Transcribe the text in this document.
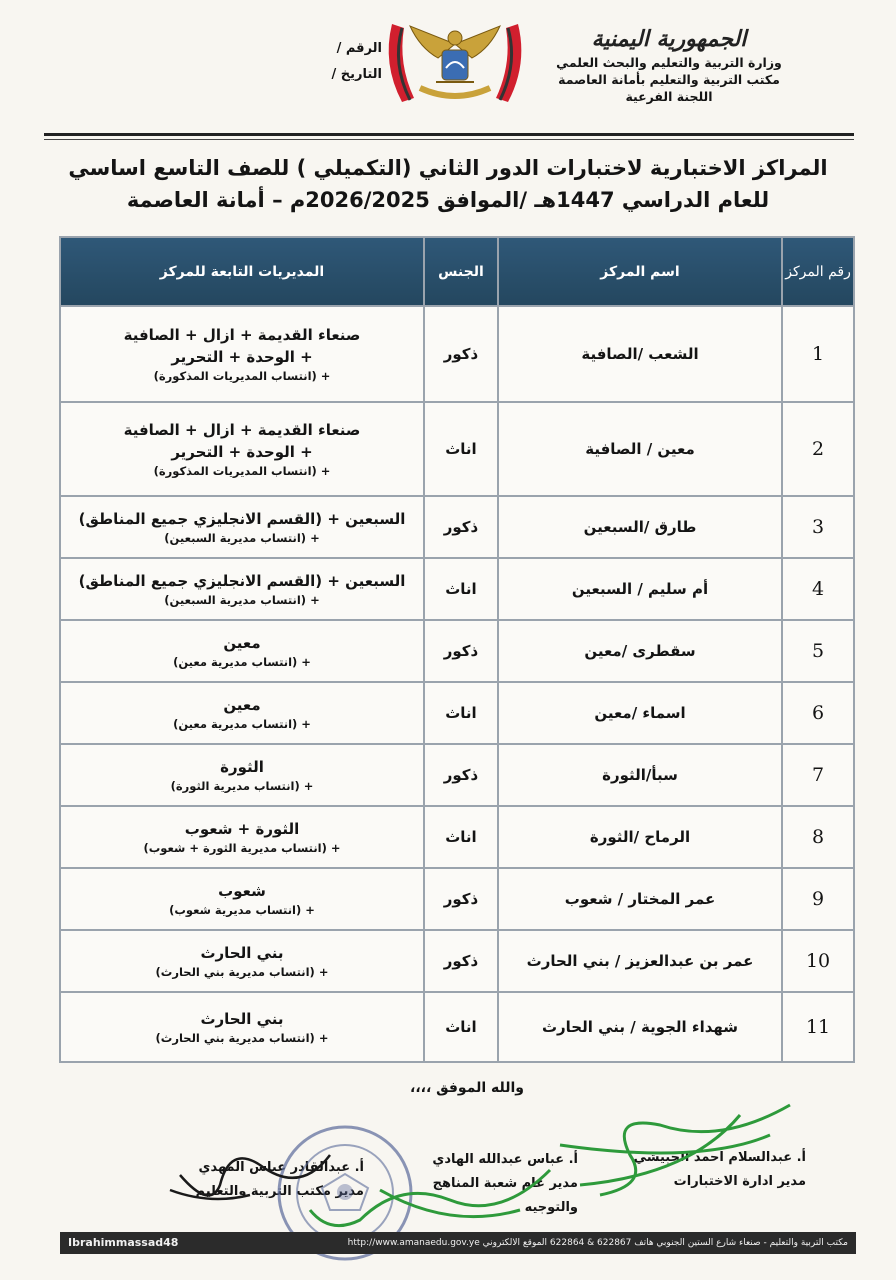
الجمهورية اليمنية
وزارة التربية والتعليم والبحث العلمي
مكتب التربية والتعليم بأمانة العاصمة
اللجنة الفرعية
الرقم /
التاريخ /
المراكز الاختبارية لاختبارات الدور الثاني (التكميلي ) للصف التاسع اساسي
للعام الدراسي 1447هـ /الموافق 2026/2025م – أمانة العاصمة
رقم المركز	اسم المركز	الجنس	المديريات التابعة للمركز
1	الشعب /الصافية	ذكور	صنعاء القديمة + ازال + الصافية
+ الوحدة + التحرير
+ (انتساب المديريات المذكورة)

2	معين / الصافية	اناث	صنعاء القديمة + ازال + الصافية
+ الوحدة + التحرير
+ (انتساب المديريات المذكورة)

3	طارق /السبعين	ذكور	السبعين + (القسم الانجليزي جميع المناطق)
+ (انتساب مديرية السبعين)

4	أم سليم / السبعين	اناث	السبعين + (القسم الانجليزي جميع المناطق)
+ (انتساب مديرية السبعين)

5	سقطرى /معين	ذكور	معين
+ (انتساب مديرية معين)

6	اسماء /معين	اناث	معين
+ (انتساب مديرية معين)

7	سبأ/الثورة	ذكور	الثورة
+ (انتساب مديرية الثورة)

8	الرماح /الثورة	اناث	الثورة + شعوب
+ (انتساب مديرية الثورة + شعوب)

9	عمر المختار / شعوب	ذكور	شعوب
+ (انتساب مديرية شعوب)

10	عمر بن عبدالعزيز / بني الحارث	ذكور	بني الحارث
+ (انتساب مديرية بني الحارث)

11	شهداء الجوية / بني الحارث	اناث	بني الحارث
+ (انتساب مديرية بني الحارث)
والله الموفق ،،،،
أ. عبدالسلام احمد الحبيشي
مدير ادارة الاختبارات
أ. عباس عبدالله الهادي
مدير عام شعبة المناهج والتوجيه
أ. عبدالقادر عباس المهدي
مدير مكتب التربية والتعليم
مكتب التربية والتعليم - صنعاء شارع الستين الجنوبي هاتف 622867 & 622864 الموقع الالكتروني http://www.amanaedu.gov.ye
Ibrahimmassad48
